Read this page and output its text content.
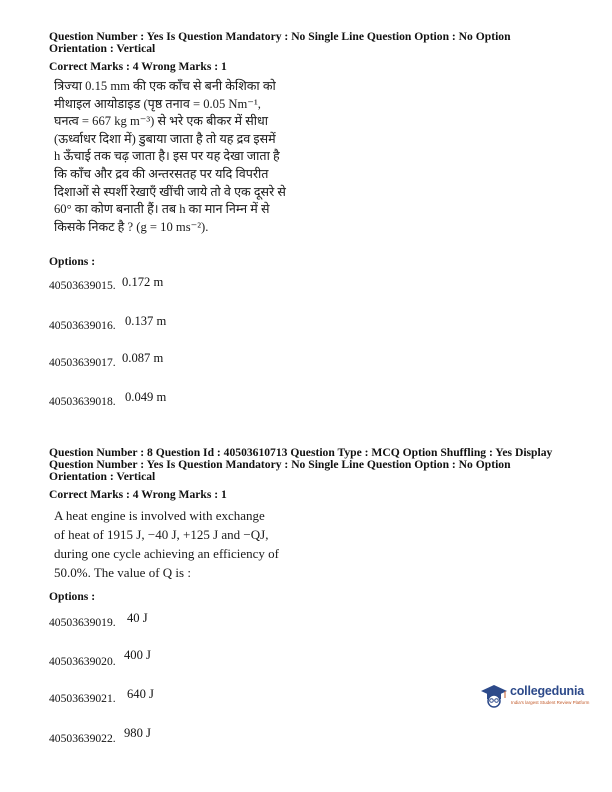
Question Number : Yes Is Question Mandatory : No Single Line Question Option : No Option
Orientation : Vertical
Correct Marks : 4 Wrong Marks : 1
त्रिज्या 0.15 mm की एक काँच से बनी केशिका को
मीथाइल आयोडाइड (पृष्ठ तनाव = 0.05 Nm⁻¹,
घनत्व = 667 kg m⁻³) से भरे एक बीकर में सीधा
(ऊर्ध्वाधर दिशा में) डुबाया जाता है तो यह द्रव इसमें
h ऊँचाई तक चढ़ जाता है। इस पर यह देखा जाता है
कि काँच और द्रव की अन्तरसतह पर यदि विपरीत
दिशाओं से स्पर्शी रेखाएँ खींची जाये तो वे एक दूसरे से
60° का कोण बनाती हैं। तब h का मान निम्न में से
किसके निकट है ? (g = 10 ms⁻²).
Options :
40503639015. 0.172 m
40503639016. 0.137 m
40503639017. 0.087 m
40503639018. 0.049 m
Question Number : 8 Question Id : 40503610713 Question Type : MCQ Option Shuffling : Yes Display
Question Number : Yes Is Question Mandatory : No Single Line Question Option : No Option
Orientation : Vertical
Correct Marks : 4 Wrong Marks : 1
A heat engine is involved with exchange
of heat of 1915 J, −40 J, +125 J and −QJ,
during one cycle achieving an efficiency of
50.0%. The value of Q is :
Options :
40503639019. 40 J
40503639020. 400 J
40503639021. 640 J
40503639022. 980 J
collegedunia
India's largest Student Review Platform
